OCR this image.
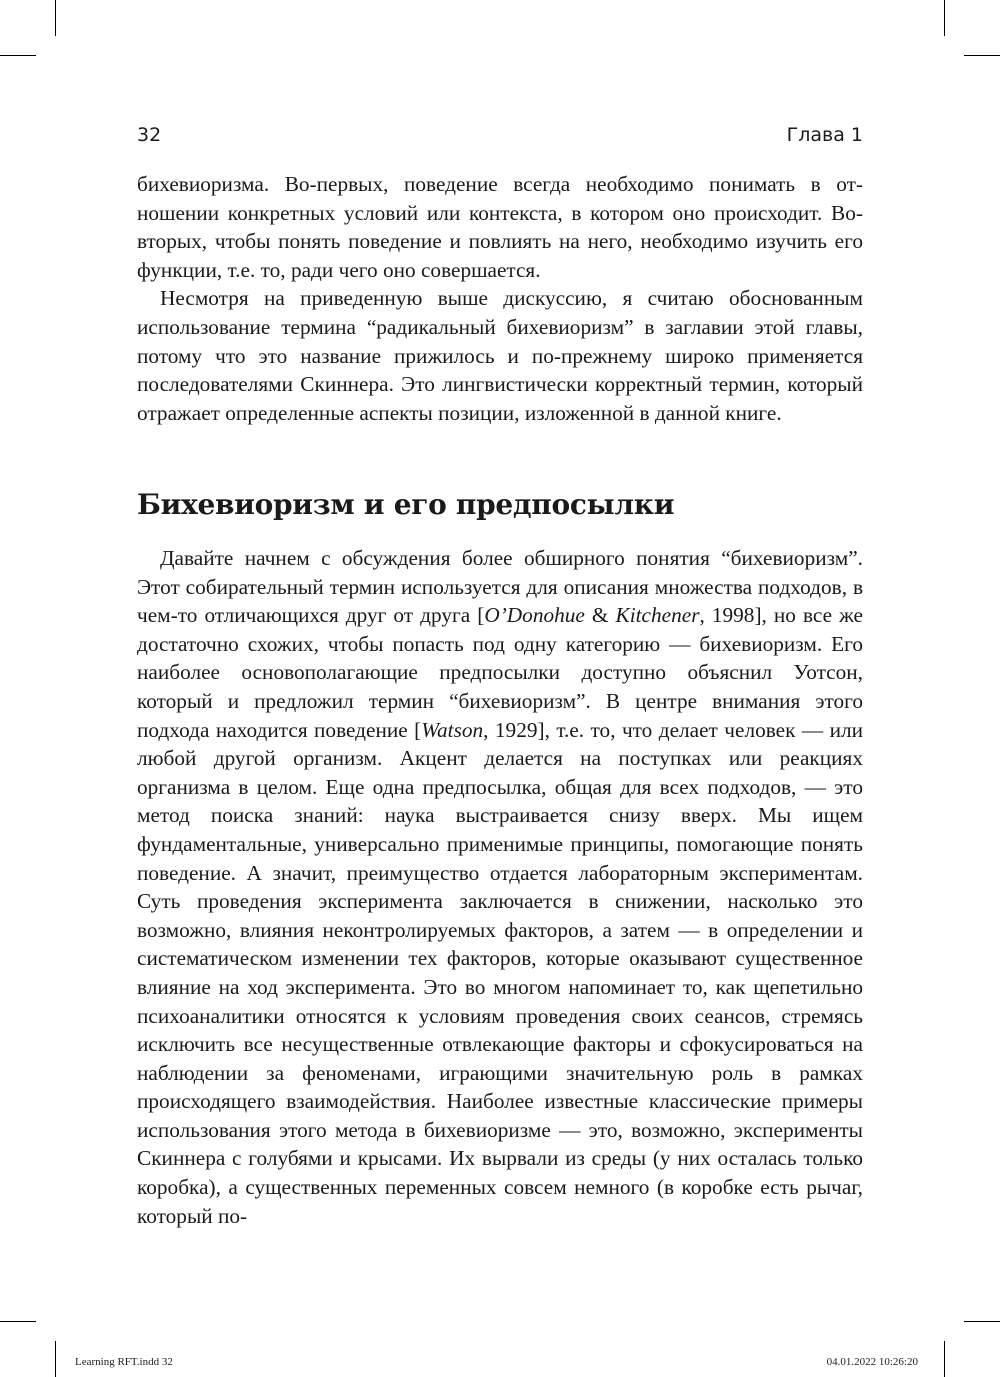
32	Глава 1

бихевиоризма. Во-первых, поведение всегда необходимо понимать в отношении конкретных условий или контекста, в котором оно происходит. Во-вторых, чтобы понять поведение и повлиять на него, необходимо изучить его функции, т.е. то, ради чего оно совершается.

Несмотря на приведенную выше дискуссию, я считаю обоснованным использование термина “радикальный бихевиоризм” в заглавии этой главы, потому что это название прижилось и по-прежнему широко применяется последователями Скиннера. Это лингвистически корректный термин, который отражает определенные аспекты позиции, изложенной в данной книге.

Бихевиоризм и его предпосылки

Давайте начнем с обсуждения более обширного понятия “бихевиоризм”. Этот собирательный термин используется для описания множества подходов, в чем-то отличающихся друг от друга [O’Donohue & Kitchener, 1998], но все же достаточно схожих, чтобы попасть под одну категорию — бихевиоризм. Его наиболее основополагающие предпосылки доступно объяснил Уотсон, который и предложил термин “бихевиоризм”. В центре внимания этого подхода находится поведение [Watson, 1929], т.е. то, что делает человек — или любой другой организм. Акцент делается на поступках или реакциях организма в целом. Еще одна предпосылка, общая для всех подходов, — это метод поиска знаний: наука выстраивается снизу вверх. Мы ищем фундаментальные, универсально применимые принципы, помогающие понять поведение. А значит, преимущество отдается лабораторным экспериментам. Суть проведения эксперимента заключается в снижении, насколько это возможно, влияния неконтролируемых факторов, а затем — в определении и систематическом изменении тех факторов, которые оказывают существенное влияние на ход эксперимента. Это во многом напоминает то, как щепетильно психоаналитики относятся к условиям проведения своих сеансов, стремясь исключить все несущественные отвлекающие факторы и сфокусироваться на наблюдении за феноменами, играющими значительную роль в рамках происходящего взаимодействия. Наиболее известные классические примеры использования этого метода в бихевиоризме — это, возможно, эксперименты Скиннера с голубями и крысами. Их вырвали из среды (у них осталась только коробка), а существенных переменных совсем немного (в коробке есть рычаг, который по-

Learning RFT.indd 32	04.01.2022 10:26:20
